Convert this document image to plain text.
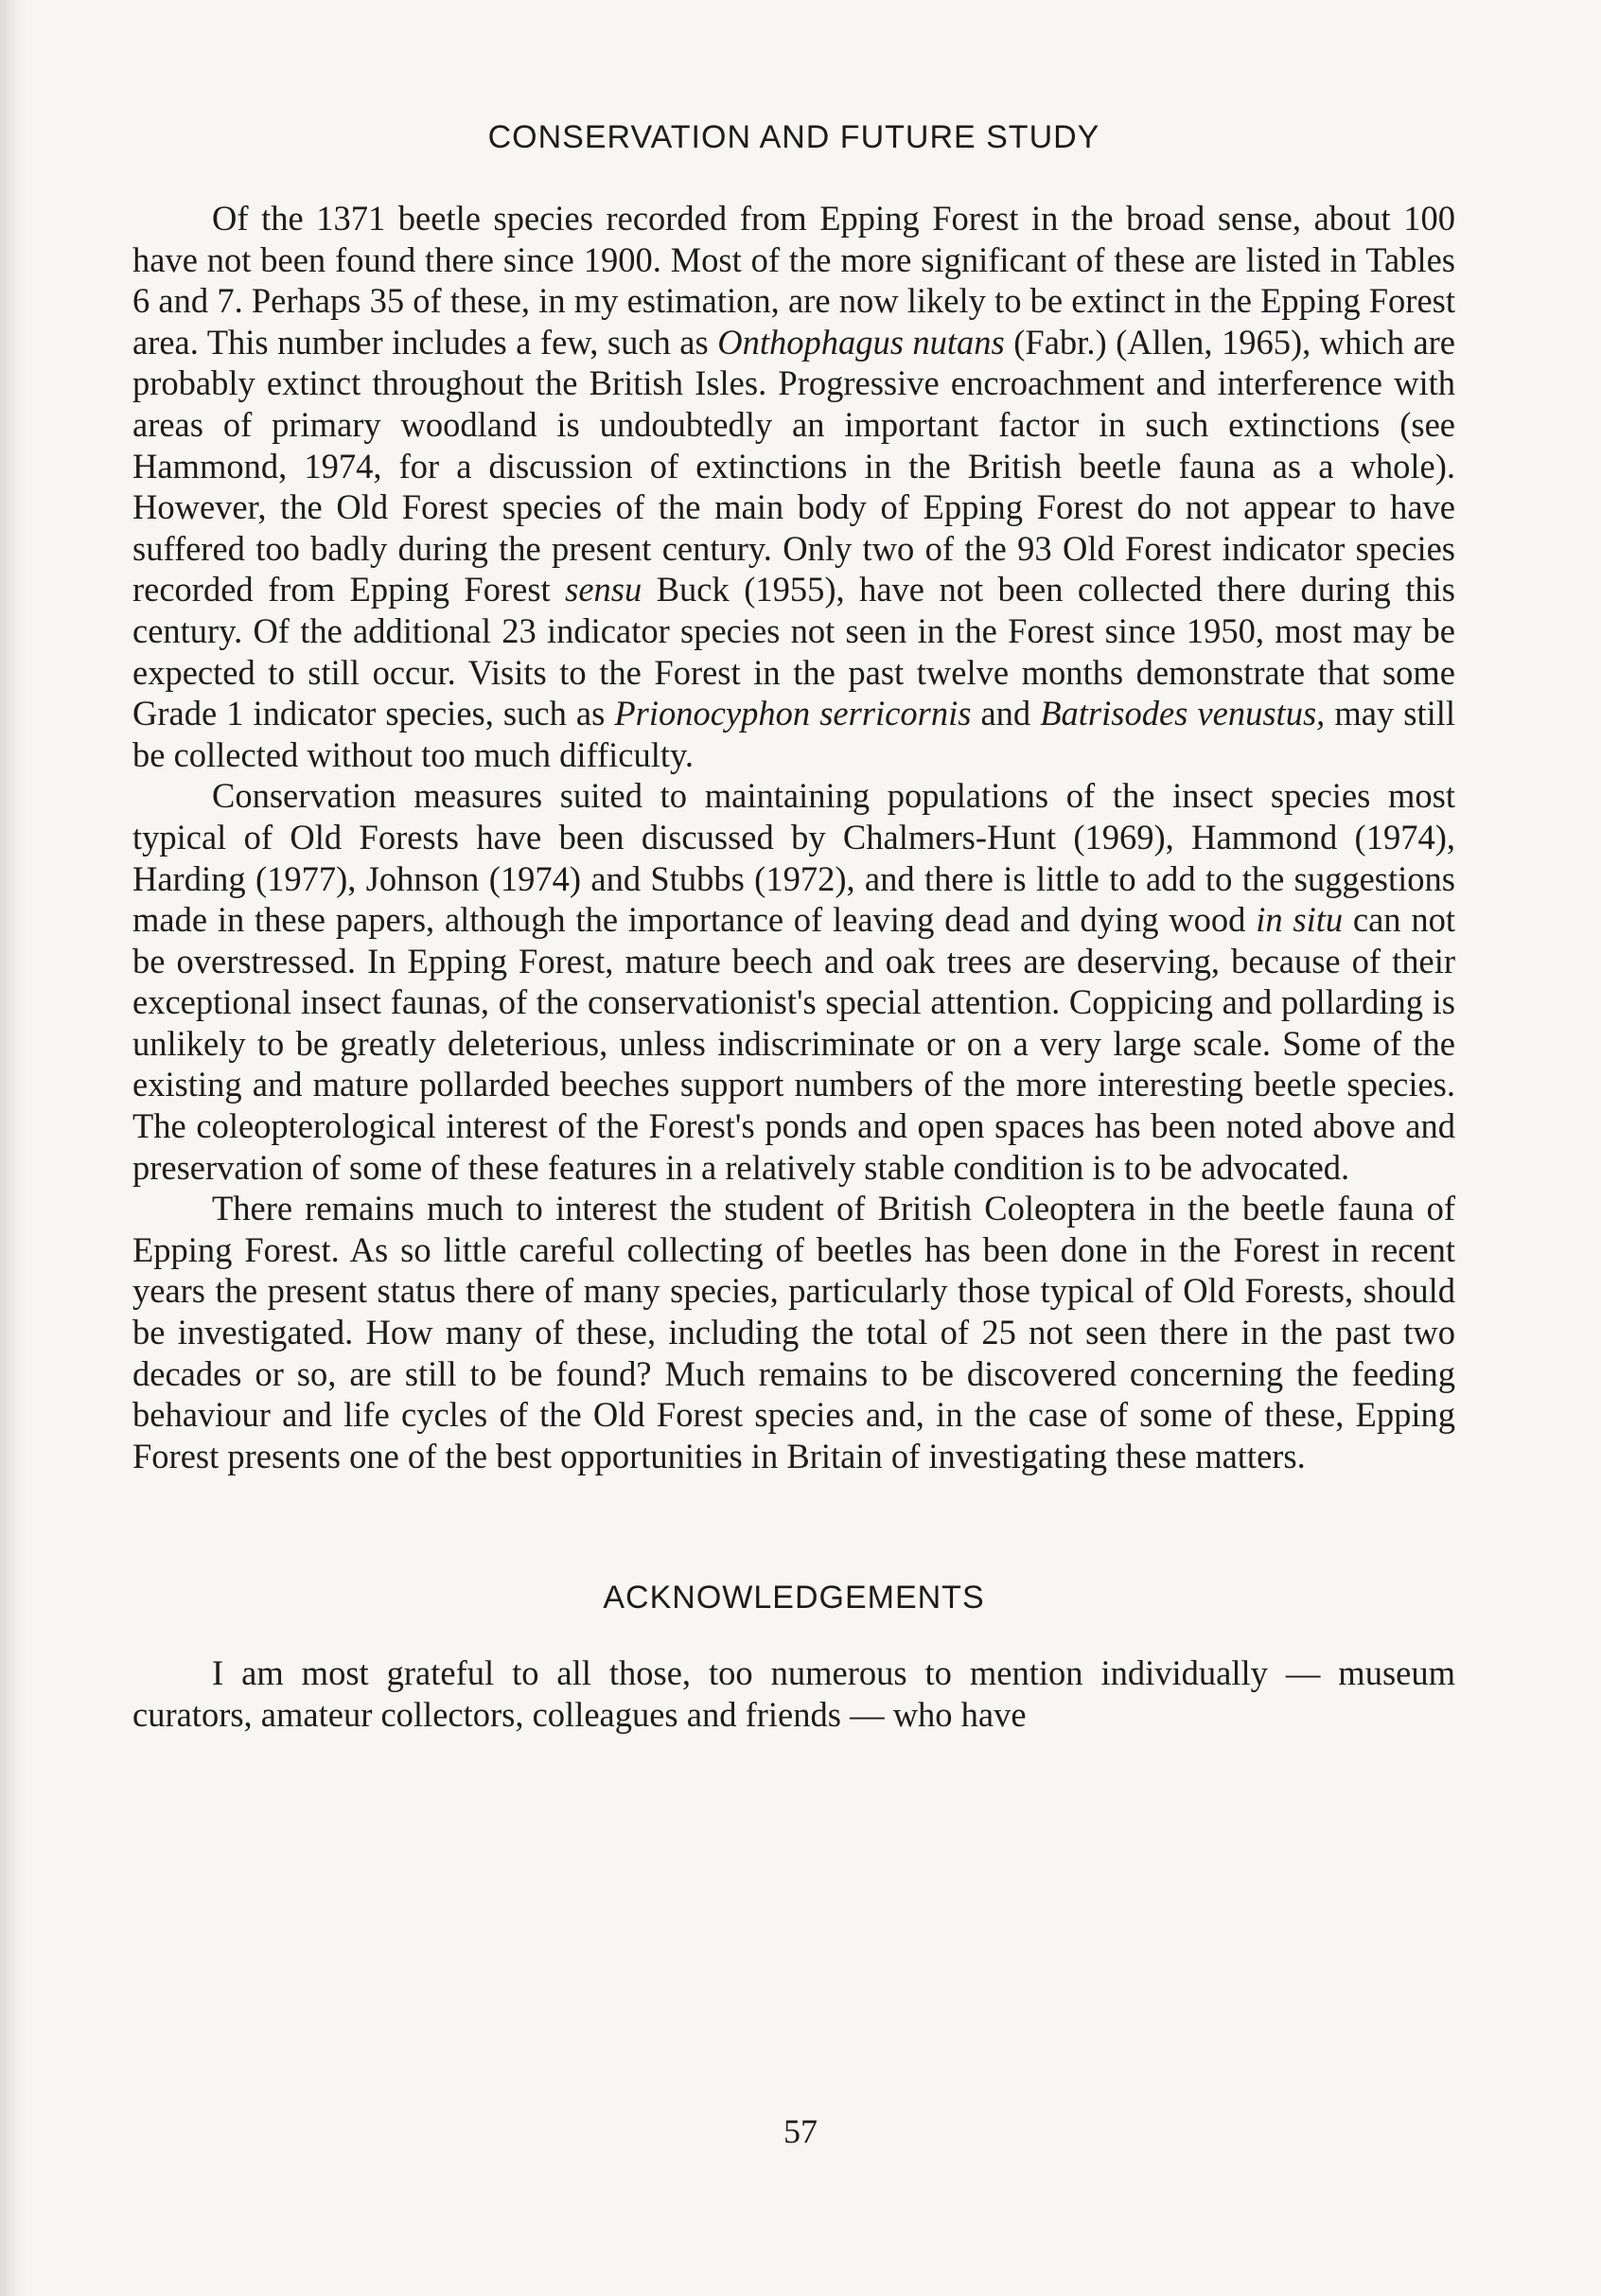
CONSERVATION AND FUTURE STUDY

Of the 1371 beetle species recorded from Epping Forest in the broad sense, about 100 have not been found there since 1900. Most of the more significant of these are listed in Tables 6 and 7. Perhaps 35 of these, in my estimation, are now likely to be extinct in the Epping Forest area. This number includes a few, such as Onthophagus nutans (Fabr.) (Allen, 1965), which are probably extinct throughout the British Isles. Progressive encroachment and interference with areas of primary woodland is undoubtedly an important factor in such extinctions (see Hammond, 1974, for a discussion of extinctions in the British beetle fauna as a whole). However, the Old Forest species of the main body of Epping Forest do not appear to have suffered too badly during the present century. Only two of the 93 Old Forest indicator species recorded from Epping Forest sensu Buck (1955), have not been collected there during this century. Of the additional 23 indicator species not seen in the Forest since 1950, most may be expected to still occur. Visits to the Forest in the past twelve months demonstrate that some Grade 1 indicator species, such as Prionocyphon serricornis and Batrisodes venustus, may still be collected without too much difficulty.

Conservation measures suited to maintaining populations of the insect species most typical of Old Forests have been discussed by Chalmers-Hunt (1969), Hammond (1974), Harding (1977), Johnson (1974) and Stubbs (1972), and there is little to add to the suggestions made in these papers, although the importance of leaving dead and dying wood in situ can not be overstressed. In Epping Forest, mature beech and oak trees are deserving, because of their exceptional insect faunas, of the conservationist's special attention. Coppicing and pollarding is unlikely to be greatly deleterious, unless indiscriminate or on a very large scale. Some of the existing and mature pollarded beeches support numbers of the more interesting beetle species. The coleopterological interest of the Forest's ponds and open spaces has been noted above and preservation of some of these features in a relatively stable condition is to be advocated.

There remains much to interest the student of British Coleoptera in the beetle fauna of Epping Forest. As so little careful collecting of beetles has been done in the Forest in recent years the present status there of many species, particularly those typical of Old Forests, should be investigated. How many of these, including the total of 25 not seen there in the past two decades or so, are still to be found? Much remains to be discovered concerning the feeding behaviour and life cycles of the Old Forest species and, in the case of some of these, Epping Forest presents one of the best opportunities in Britain of investigating these matters.

ACKNOWLEDGEMENTS

I am most grateful to all those, too numerous to mention individually — museum curators, amateur collectors, colleagues and friends — who have

57
